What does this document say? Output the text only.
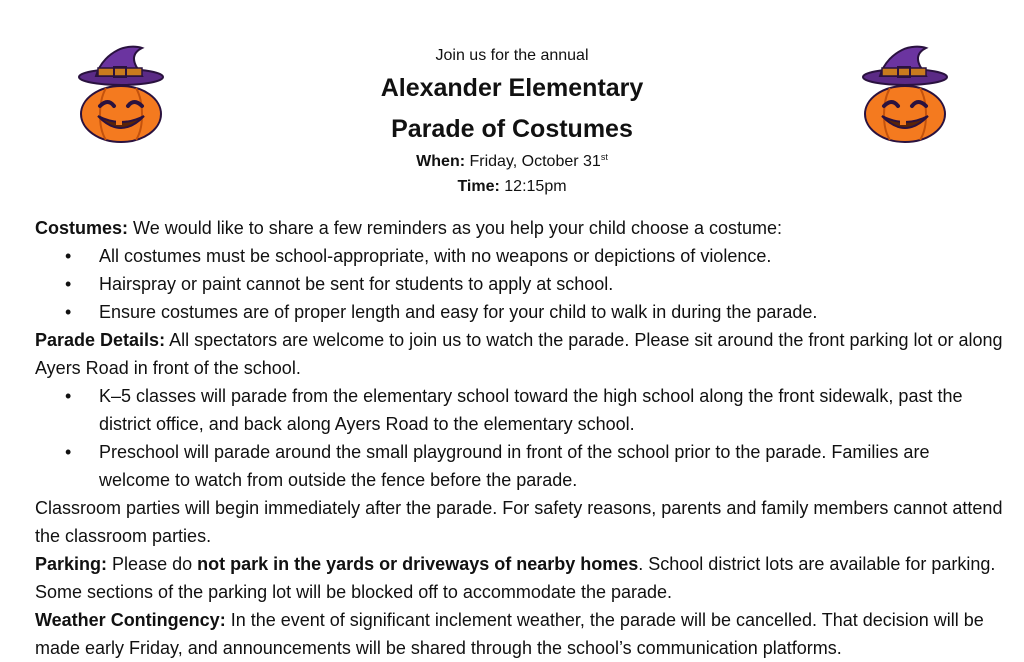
Join us for the annual
Alexander Elementary
Parade of Costumes
When: Friday, October 31st
Time: 12:15pm

Costumes: We would like to share a few reminders as you help your child choose a costume:

• All costumes must be school-appropriate, with no weapons or depictions of violence.
• Hairspray or paint cannot be sent for students to apply at school.
• Ensure costumes are of proper length and easy for your child to walk in during the parade.

Parade Details: All spectators are welcome to join us to watch the parade. Please sit around the front parking lot or along Ayers Road in front of the school.

• K–5 classes will parade from the elementary school toward the high school along the front sidewalk, past the district office, and back along Ayers Road to the elementary school.
• Preschool will parade around the small playground in front of the school prior to the parade. Families are welcome to watch from outside the fence before the parade.

Classroom parties will begin immediately after the parade. For safety reasons, parents and family members cannot attend the classroom parties.

Parking: Please do not park in the yards or driveways of nearby homes. School district lots are available for parking. Some sections of the parking lot will be blocked off to accommodate the parade.

Weather Contingency: In the event of significant inclement weather, the parade will be cancelled. That decision will be made early Friday, and announcements will be shared through the school’s communication platforms.
